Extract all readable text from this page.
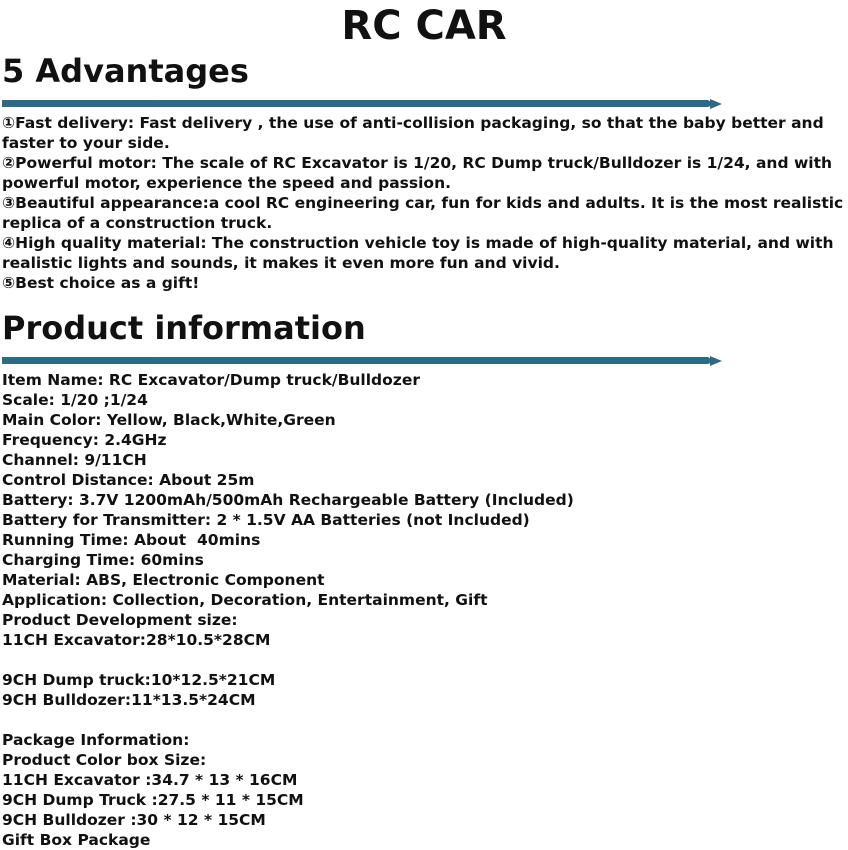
RC CAR
5 Advantages

①Fast delivery: Fast delivery , the use of anti-collision packaging, so that the baby better and faster to your side.

②Powerful motor: The scale of RC Excavator is 1/20, RC Dump truck/Bulldozer is 1/24, and with powerful motor, experience the speed and passion.

③Beautiful appearance:a cool RC engineering car, fun for kids and adults. It is the most realistic replica of a construction truck.

④High quality material: The construction vehicle toy is made of high-quality material, and with realistic lights and sounds, it makes it even more fun and vivid.

⑤Best choice as a gift!

Product information
Item Name: RC Excavator/Dump truck/Bulldozer
Scale: 1/20 ;1/24
Main Color: Yellow, Black,White,Green
Frequency: 2.4GHz
Channel: 9/11CH
Control Distance: About 25m
Battery: 3.7V 1200mAh/500mAh Rechargeable Battery (Included)
Battery for Transmitter: 2 * 1.5V AA Batteries (not Included)
Running Time: About  40mins
Charging Time: 60mins
Material: ABS, Electronic Component
Application: Collection, Decoration, Entertainment, Gift
Product Development size:
11CH Excavator:28*10.5*28CM
9CH Dump truck:10*12.5*21CM
9CH Bulldozer:11*13.5*24CM
Package Information:
Product Color box Size:
11CH Excavator :34.7 * 13 * 16CM
9CH Dump Truck :27.5 * 11 * 15CM
9CH Bulldozer :30 * 12 * 15CM
Gift Box Package
